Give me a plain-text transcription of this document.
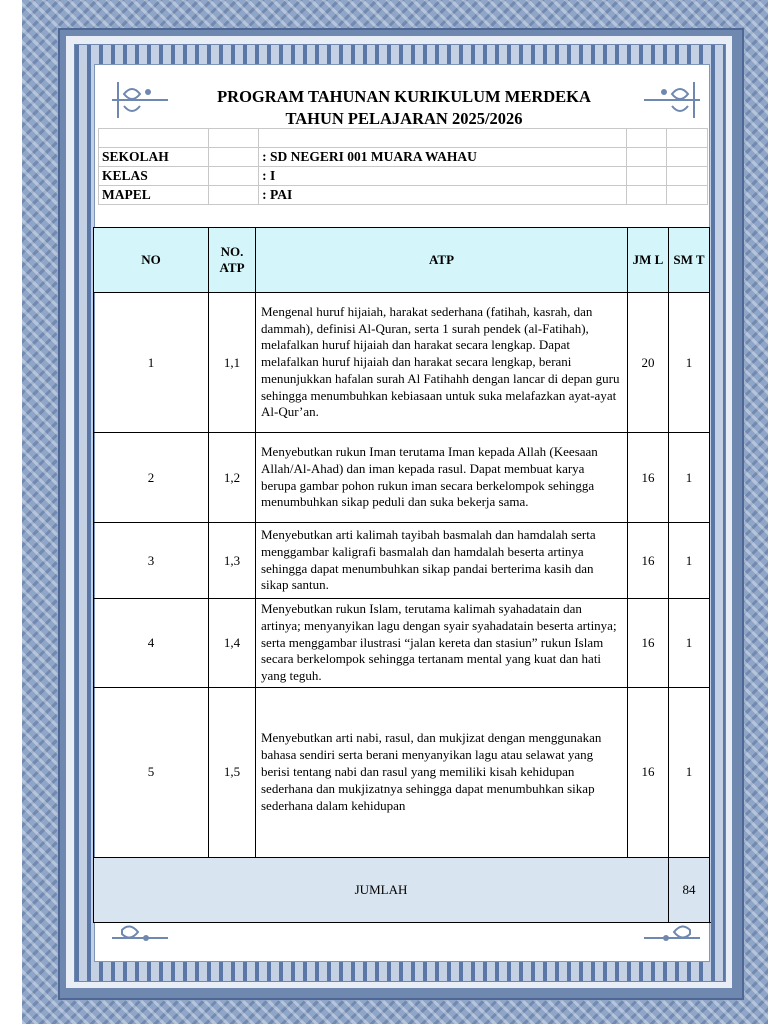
PROGRAM TAHUNAN KURIKULUM MERDEKA
TAHUN PELAJARAN 2025/2026

SEKOLAH		: SD NEGERI 001 MUARA WAHAU		
KELAS		: I		
MAPEL		: PAI		
NO	NO. ATP	ATP	JM L	SM T
1	1,1	Mengenal huruf hijaiah, harakat sederhana (fatihah, kasrah, dan dammah), definisi Al-Quran, serta 1 surah pendek (al-Fatihah), melafalkan huruf hijaiah dan harakat secara lengkap. Dapat melafalkan huruf hijaiah dan harakat secara lengkap, berani menunjukkan hafalan surah Al Fatihahh dengan lancar di depan guru sehingga menumbuhkan kebiasaan untuk suka melafazkan ayat-ayat Al-Qur’an.	20	1
2	1,2	Menyebutkan rukun Iman terutama Iman kepada Allah (Keesaan Allah/Al-Ahad) dan iman kepada rasul. Dapat membuat karya berupa gambar pohon rukun iman secara berkelompok sehingga menumbuhkan sikap peduli dan suka bekerja sama.	16	1
3	1,3	Menyebutkan arti kalimah tayibah basmalah dan hamdalah serta menggambar kaligrafi basmalah dan hamdalah beserta artinya sehingga dapat menumbuhkan sikap pandai berterima kasih dan sikap santun.	16	1
4	1,4	Menyebutkan rukun Islam, terutama kalimah syahadatain dan artinya; menyanyikan lagu dengan syair syahadatain beserta artinya; serta menggambar ilustrasi “jalan kereta dan stasiun” rukun Islam secara berkelompok sehingga tertanam mental yang kuat dan hati yang teguh.	16	1
5	1,5	Menyebutkan arti nabi, rasul, dan mukjizat dengan menggunakan bahasa sendiri serta berani menyanyikan lagu atau selawat yang berisi tentang nabi dan rasul yang memiliki kisah kehidupan sederhana dan mukjizatnya sehingga dapat menumbuhkan sikap sederhana dalam kehidupan	16	1
JUMLAH				84
